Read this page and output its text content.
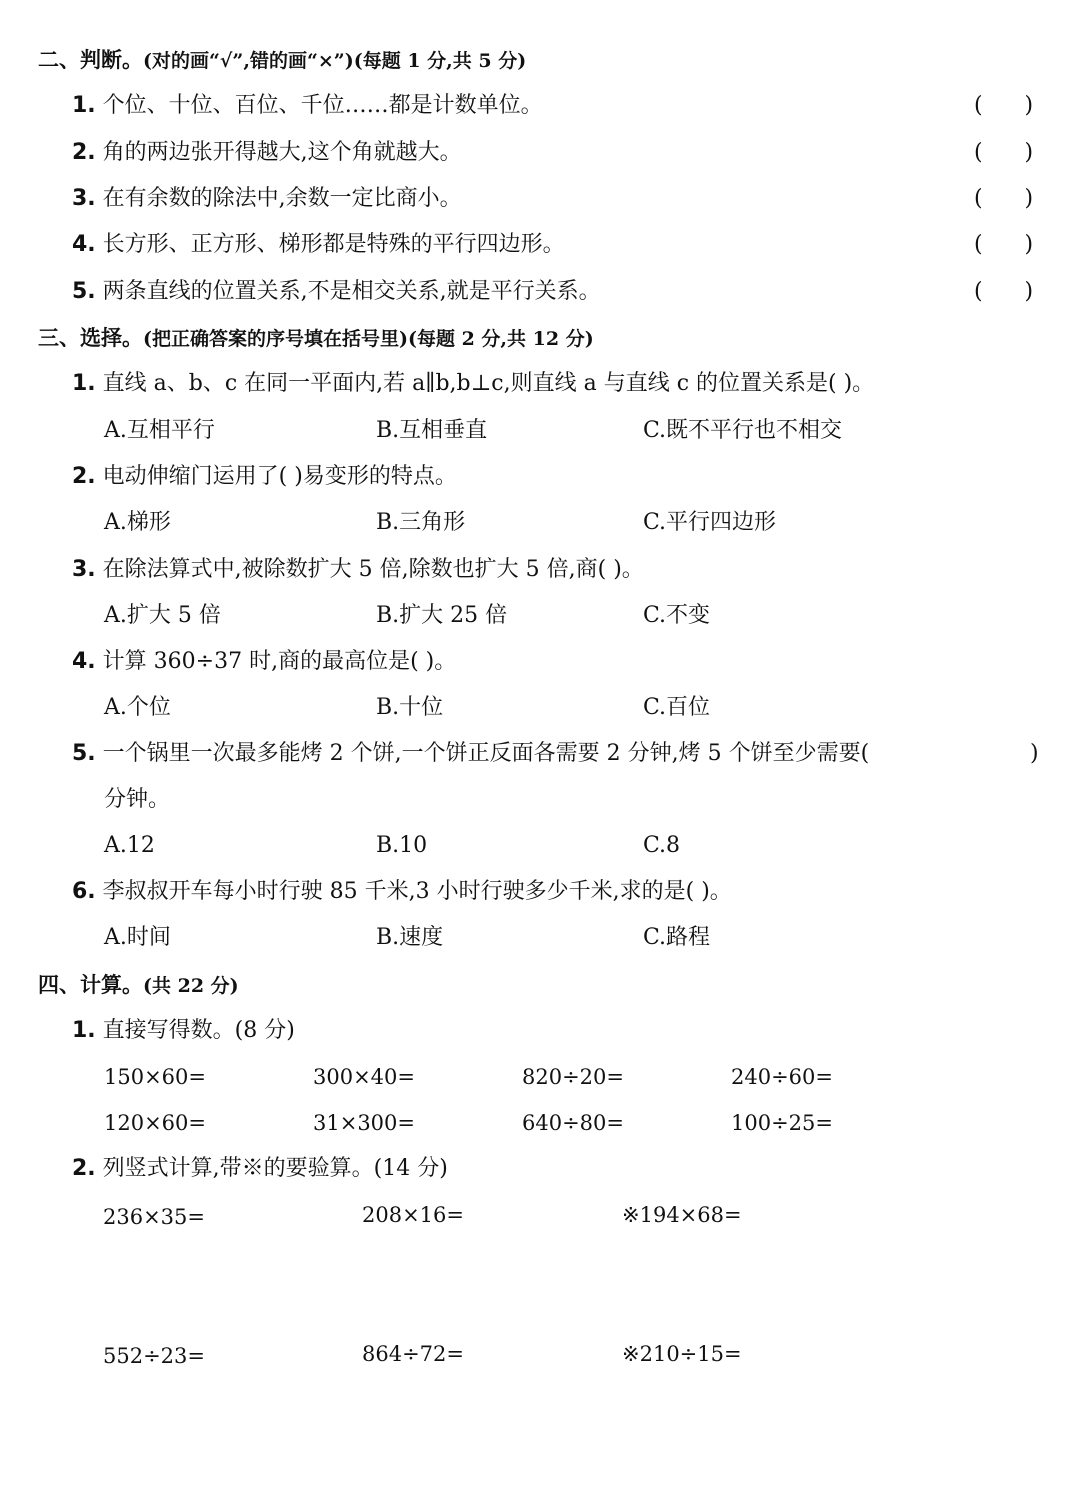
二、判断。(对的画“√”,错的画“×”)(每题 1 分,共 5 分)
1. 个位、十位、百位、千位……都是计数单位。	(      )
2. 角的两边张开得越大,这个角就越大。	(      )
3. 在有余数的除法中,余数一定比商小。	(      )
4. 长方形、正方形、梯形都是特殊的平行四边形。	(      )
5. 两条直线的位置关系,不是相交关系,就是平行关系。	(      )
三、选择。(把正确答案的序号填在括号里)(每题 2 分,共 12 分)
1. 直线 a、b、c 在同一平面内,若 a∥b,b⊥c,则直线 a 与直线 c 的位置关系是( )。
A.互相平行	B.互相垂直	C.既不平行也不相交
2. 电动伸缩门运用了( )易变形的特点。
A.梯形	B.三角形	C.平行四边形
3. 在除法算式中,被除数扩大 5 倍,除数也扩大 5 倍,商( )。
A.扩大 5 倍	B.扩大 25 倍	C.不变
4. 计算 360÷37 时,商的最高位是( )。
A.个位	B.十位	C.百位
5. 一个锅里一次最多能烤 2 个饼,一个饼正反面各需要 2 分钟,烤 5 个饼至少需要(	)
分钟。
A.12	B.10	C.8
6. 李叔叔开车每小时行驶 85 千米,3 小时行驶多少千米,求的是( )。
A.时间	B.速度	C.路程
四、计算。(共 22 分)
1. 直接写得数。(8 分)
150×60=	300×40=	820÷20=	240÷60=
120×60=	31×300=	640÷80=	100÷25=
2. 列竖式计算,带※的要验算。(14 分)
236×35=	208×16=	※194×68=
552÷23=	864÷72=	※210÷15=
